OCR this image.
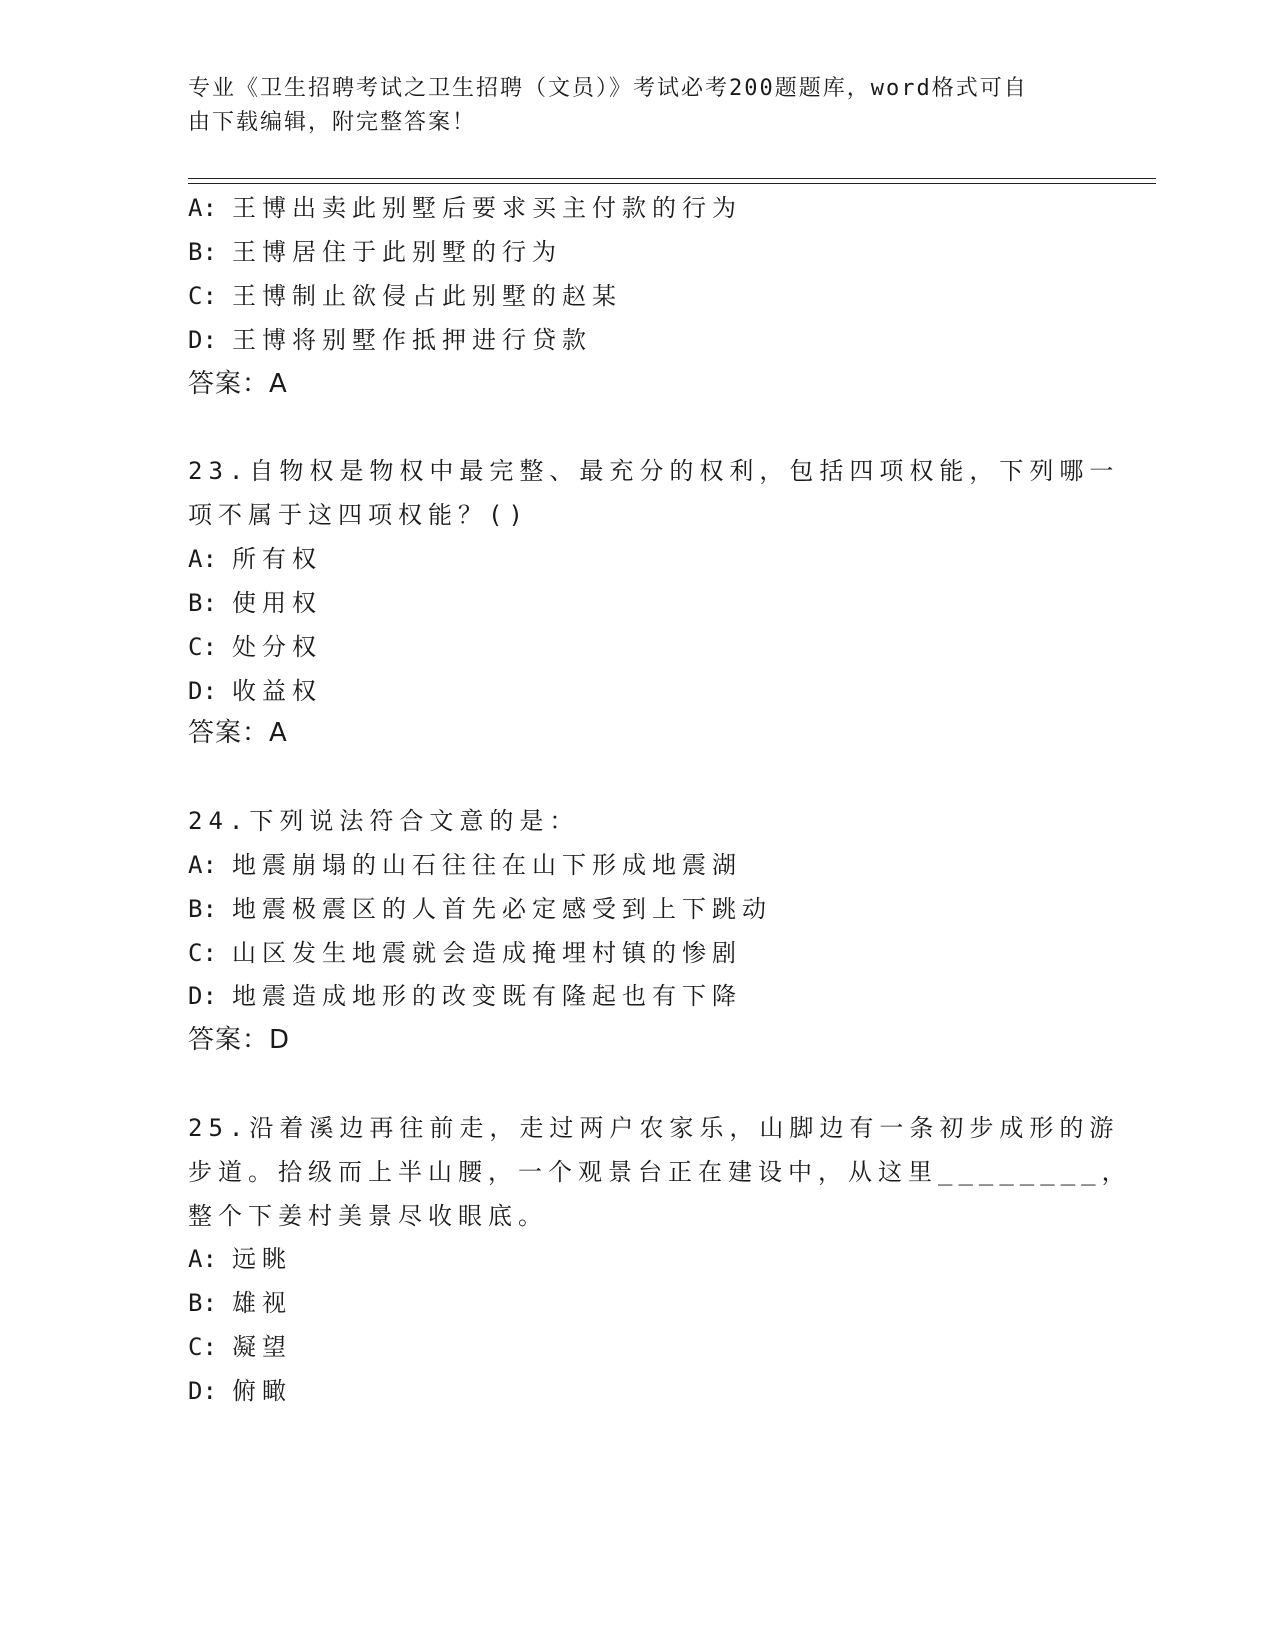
专业《卫生招聘考试之卫生招聘（文员）》考试必考200题题库，word格式可自
由下载编辑，附完整答案！
A: 王博出卖此别墅后要求买主付款的行为
B: 王博居住于此别墅的行为
C: 王博制止欲侵占此别墅的赵某
D: 王博将别墅作抵押进行贷款
答案：A
23.自物权是物权中最完整、最充分的权利，包括四项权能，下列哪一
项不属于这四项权能？()
A: 所有权
B: 使用权
C: 处分权
D: 收益权
答案：A
24.下列说法符合文意的是：
A: 地震崩塌的山石往往在山下形成地震湖
B: 地震极震区的人首先必定感受到上下跳动
C: 山区发生地震就会造成掩埋村镇的惨剧
D: 地震造成地形的改变既有隆起也有下降
答案：D
25.沿着溪边再往前走，走过两户农家乐，山脚边有一条初步成形的游
步道。拾级而上半山腰，一个观景台正在建设中，从这里________，
整个下姜村美景尽收眼底。
A: 远眺
B: 雄视
C: 凝望
D: 俯瞰
